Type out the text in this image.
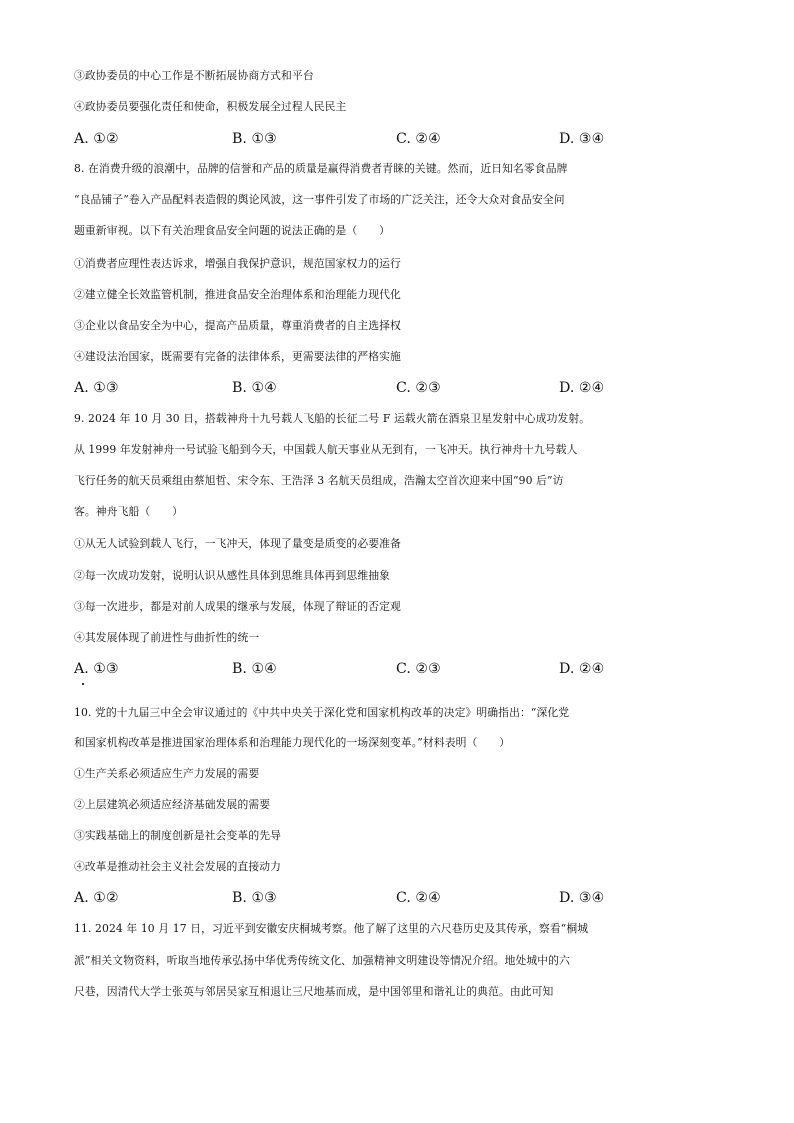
③政协委员的中心工作是不断拓展协商方式和平台
④政协委员要强化责任和使命，积极发展全过程人民民主
A. ①②	B. ①③	C. ②④	D. ③④
8. 在消费升级的浪潮中，品牌的信誉和产品的质量是赢得消费者青睐的关键。然而，近日知名零食品牌
“良品铺子”卷入产品配料表造假的舆论风波，这一事件引发了市场的广泛关注，还令大众对食品安全问
题重新审视。以下有关治理食品安全问题的说法正确的是（　　）
①消费者应理性表达诉求，增强自我保护意识，规范国家权力的运行
②建立健全长效监管机制，推进食品安全治理体系和治理能力现代化
③企业以食品安全为中心，提高产品质量，尊重消费者的自主选择权
④建设法治国家，既需要有完备的法律体系，更需要法律的严格实施
A. ①③	B. ①④	C. ②③	D. ②④
9. 2024 年 10 月 30 日，搭载神舟十九号载人飞船的长征二号 F 运载火箭在酒泉卫星发射中心成功发射。
从 1999 年发射神舟一号试验飞船到今天，中国载人航天事业从无到有，一飞冲天。执行神舟十九号载人
飞行任务的航天员乘组由蔡旭哲、宋令东、王浩泽 3 名航天员组成，浩瀚太空首次迎来中国“90 后”访
客。神舟飞船（　　）
①从无人试验到载人飞行，一飞冲天，体现了量变是质变的必要准备
②每一次成功发射，说明认识从感性具体到思维具体再到思维抽象
③每一次进步，都是对前人成果的继承与发展，体现了辩证的否定观
④其发展体现了前进性与曲折性的统一
A. ①③	B. ①④	C. ②③	D. ②④
10. 党的十九届三中全会审议通过的《中共中央关于深化党和国家机构改革的决定》明确指出：“深化党
和国家机构改革是推进国家治理体系和治理能力现代化的一场深刻变革。”材料表明（　　）
①生产关系必须适应生产力发展的需要
②上层建筑必须适应经济基础发展的需要
③实践基础上的制度创新是社会变革的先导
④改革是推动社会主义社会发展的直接动力
A. ①②	B. ①③	C. ②④	D. ③④
11. 2024 年 10 月 17 日，习近平到安徽安庆桐城考察。他了解了这里的六尺巷历史及其传承，察看“桐城
派”相关文物资料，听取当地传承弘扬中华优秀传统文化、加强精神文明建设等情况介绍。地处城中的六
尺巷，因清代大学士张英与邻居吴家互相退让三尺地基而成，是中国邻里和谐礼让的典范。由此可知
